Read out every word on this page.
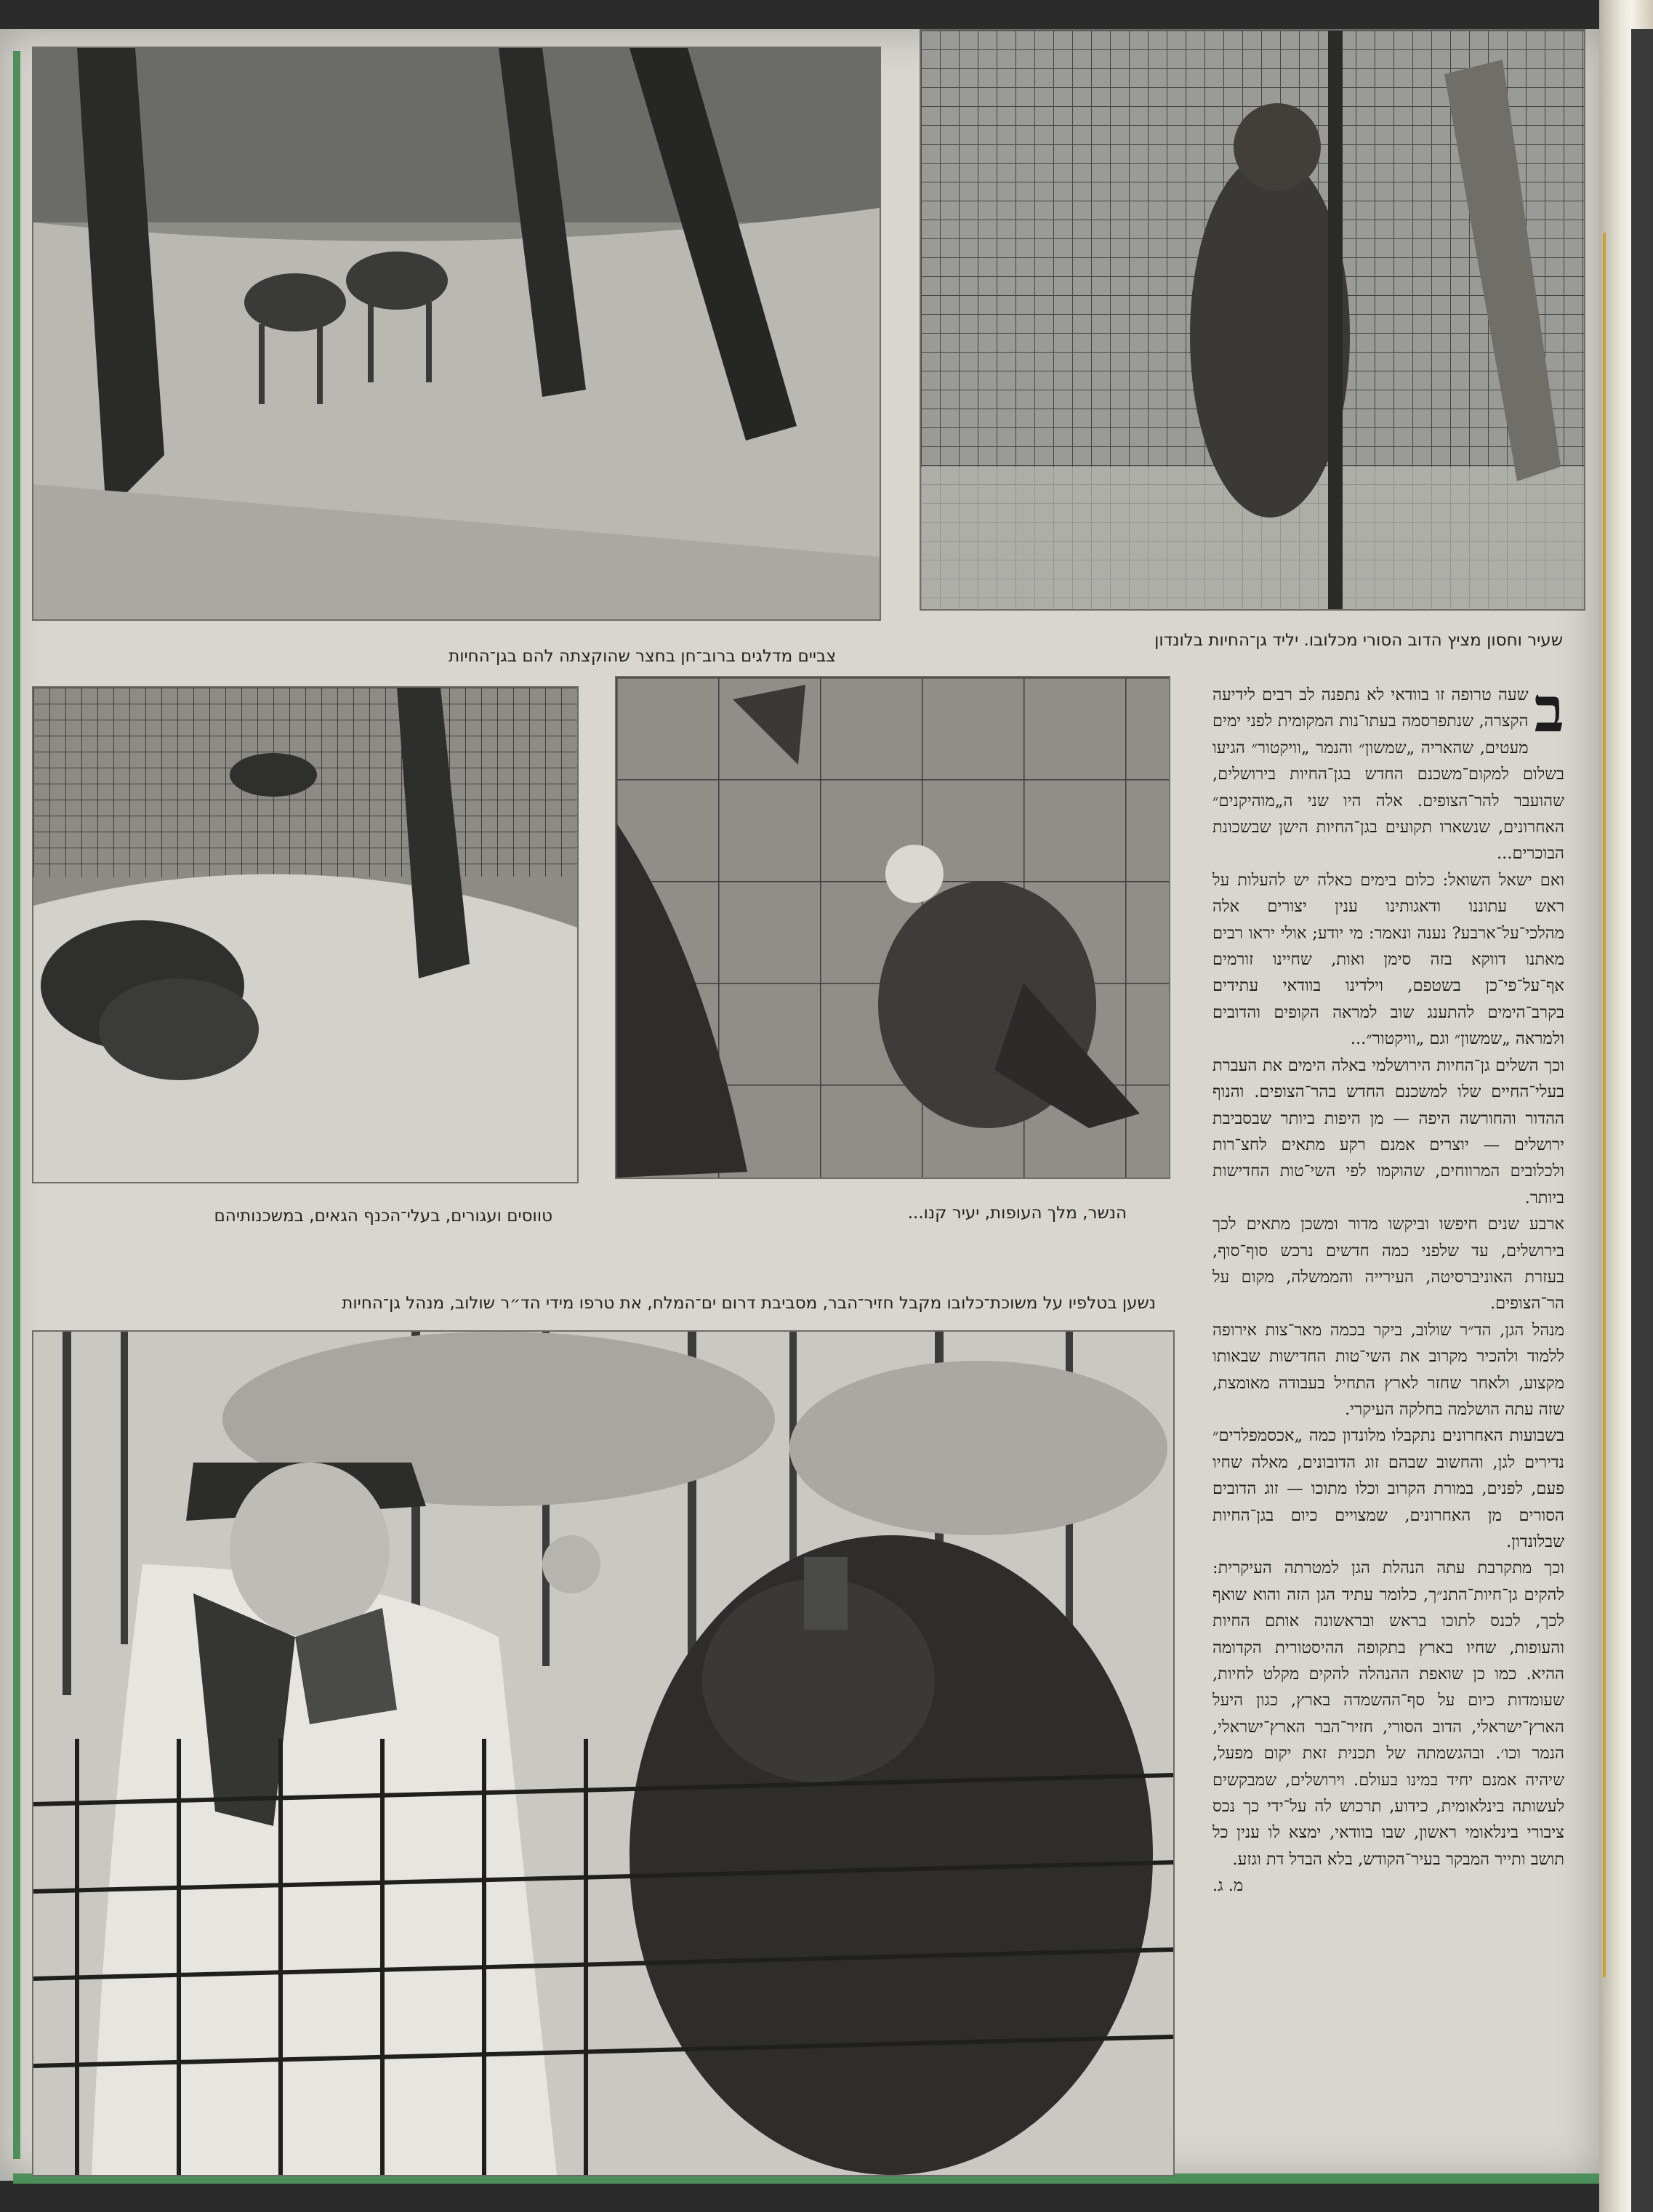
שעיר וחסון מציץ הדוב הסורי מכלובו. יליד גן־החיות בלונדון
צביים מדלגים ברוב־חן בחצר שהוקצתה להם בגן־החיות
הנשר, מלך העופות, יעיר קנו...
טווסים ועגורים, בעלי־הכנף הגאים, במשכנותיהם
נשען בטלפיו על משוכת־כלובו מקבל חזיר־הבר, מסביבת דרום ים־המלח, את טרפו מידי הד״ר שולוב, מנהל גן־החיות
ב

שעה טרופה זו בוודאי לא נתפנה לב רבים לידיעה הקצרה, שנתפרסמה בעתו־נות המקומית לפני ימים מעטים, שהאריה „שמשון״ והנמר „וויקטור״ הגיעו בשלום למקום־משכנם החדש בגן־החיות בירושלים, שהועבר להר־הצופים. אלה היו שני ה„מוהיקנים״ האחרונים, שנשארו תקועים בגן־החיות הישן שבשכונת הבוכרים...

ואם ישאל השואל: כלום בימים כאלה יש להעלות על ראש עתוננו ודאגותינו ענין יצורים אלה מהלכי־על־ארבע? נענה ונאמר: מי יודע; אולי יראו רבים מאתנו דווקא בזה סימן ואות, שחיינו זורמים אף־על־פי־כן בשטפם, וילדינו בוודאי עתידים בקרב־הימים להתענג שוב למראה הקופים והדובים ולמראה „שמשון״ וגם „וויקטור״...

וכך השלים גן־החיות הירושלמי באלה הימים את העברת בעלי־החיים שלו למשכנם החדש בהר־הצופים. והנוף ההדור והחורשה היפה — מן היפות ביותר שבסביבת ירושלים — יוצרים אמנם רקע מתאים לחצ־רות ולכלובים המרווחים, שהוקמו לפי השי־טות החדישות ביותר.

ארבע שנים חיפשו וביקשו מדור ומשכן מתאים לכך בירושלים, עד שלפני כמה חדשים נרכש סוף־סוף, בעזרת האוניברסיטה, העירייה והממשלה, מקום על הר־הצופים.

מנהל הגן, הד״ר שולוב, ביקר בכמה מאר־צות אירופה ללמוד ולהכיר מקרוב את השי־טות החדישות שבאותו מקצוע, ולאחר שחזר לארץ התחיל בעבודה מאומצת, שזה עתה הושלמה בחלקה העיקרי.

בשבועות האחרונים נתקבלו מלונדון כמה „אכסמפלרים״ נדירים לגן, והחשוב שבהם זוג הדובונים, מאלה שחיו פעם, לפנים, במורת הקרוב וכלו מתוכו — זוג הדובים הסורים מן האחרונים, שמצויים כיום בגן־החיות שבלונדון.

וכך מתקרבת עתה הנהלת הגן למטרתה העיקרית: להקים גן־חיות־התנ״ך, כלומר עתיד הגן הזה והוא שואף לכך, לכנס לתוכו בראש ובראשונה אותם החיות והעופות, שחיו בארץ בתקופה ההיסטורית הקדומה ההיא. כמו כן שואפת ההנהלה להקים מקלט לחיות, שעומדות כיום על סף־ההשמדה בארץ, כגון היעל הארץ־ישראלי, הדוב הסורי, חזיר־הבר הארץ־ישראלי, הנמר וכו׳. ובהגשמתה של תכנית זאת יקום מפעל, שיהיה אמנם יחיד במינו בעולם. וירושלים, שמבקשים לעשותה בינלאומית, כידוע, תרכוש לה על־ידי כך נכס ציבורי בינלאומי ראשון, שבו בוודאי, ימצא לו ענין כל תושב ותייר המבקר בעיר־הקודש, בלא הבדל דת וגזע.

מ. ג.
